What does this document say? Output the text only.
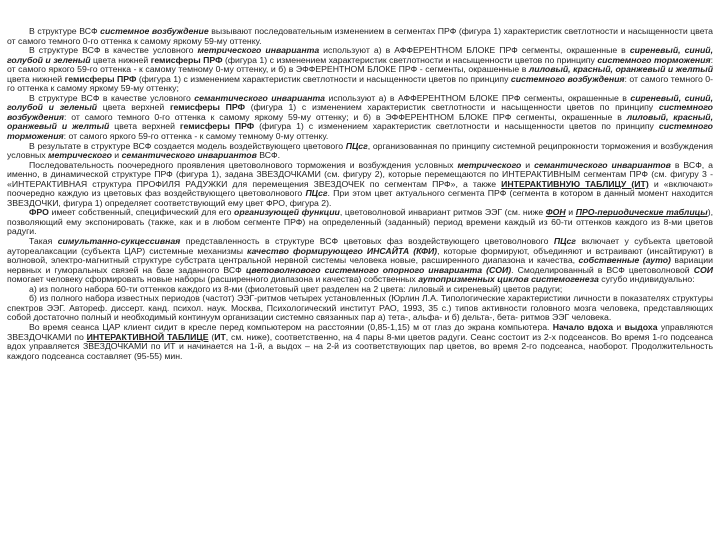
В структуре ВСФ системное возбуждение вызывают последовательным изменением в сегментах ПРФ (фигура 1) характеристик светлотности и насыщенности цвета от самого темного 0-го оттенка к самому яркому 59-му оттенку.

В структуре ВСФ в качестве условного метрического инварианта используют а) в АФФЕРЕНТНОМ БЛОКЕ ПРФ сегменты, окрашенные в сиреневый, синий, голубой и зеленый цвета нижней гемисферы ПРФ (фигура 1) с изменением характеристик светлотности и насыщенности цветов по принципу системного торможения: от самого яркого 59-го оттенка - к самому темному 0-му оттенку, и б) в ЭФФЕРЕНТНОМ БЛОКЕ ПРФ - сегменты, окрашенные в лиловый, красный, оранжевый и желтый цвета нижней гемисферы ПРФ (фигура 1) с изменением характеристик светлотности и насыщенности цветов по принципу системного возбуждения: от самого темного 0-го оттенка к самому яркому 59-му оттенку;

В структуре ВСФ в качестве условного семантического инварианта используют а) в АФФЕРЕНТНОМ БЛОКЕ ПРФ сегменты, окрашенные в сиреневый, синий, голубой и зеленый цвета верхней гемисферы ПРФ (фигура 1) с изменением характеристик светлотности и насыщенности цветов по принципу системного возбуждения: от самого темного 0-го оттенка к самому яркому 59-му оттенку; и б) в ЭФФЕРЕНТНОМ БЛОКЕ ПРФ сегменты, окрашенные в лиловый, красный, оранжевый и желтый цвета верхней гемисферы ПРФ (фигура 1) с изменением характеристик светлотности и насыщенности цветов по принципу системного торможения: от самого яркого 59-го оттенка - к самому темному 0-му оттенку.

В результате в структуре ВСФ создается модель воздействующего цветового ПЦсг, организованная по принципу системной реципрокности торможения и возбуждения условных метрического и семантического инвариантов ВСФ.

Последовательность поочередного проявления цветоволнового торможения и возбуждения условных метрического и семантического инвариантов в ВСФ, а именно, в динамической структуре ПРФ (фигура 1), задана ЗВЕЗДОЧКАМИ (см. фигуру 2), которые перемещаются по ИНТЕРАКТИВНЫМ сегментам ПРФ (см. фигуру 3 - «ИНТЕРАКТИВНАЯ структура ПРОФИЛЯ РАДУЖКИ для перемещения ЗВЕЗДОЧЕК по сегментам ПРФ», а также ИНТЕРАКТИВНУЮ ТАБЛИЦУ (ИТ) и «включают» поочередно каждую из цветовых фаз воздействующего цветоволнового ПЦсг. При этом цвет актуального сегмента ПРФ (сегмента в котором в данный момент находится ЗВЕЗДОЧКИ, фигура 1) определяет соответствующий ему цвет ФРО, фигура 2).

ФРО имеет собственный, специфический для его организующей функции, цветоволновой инвариант ритмов ЭЭГ (см. ниже ФОН и ПРО-периодические таблицы), позволяющий ему экспонировать (также, как и в любом сегменте ПРФ) на определенный (заданный) период времени каждый из 60-ти оттенков каждого из 8-ми цветов радуги.

Такая симультанно-сукцессивная представленность в структуре ВСФ цветовых фаз воздействующего цветоволнового ПЦсг включает у субъекта цветовой аутореалаксации (субъекта ЦАР) системные механизмы качество формирующего ИНСАЙТА (КФИ), которые формируют, объединяют и встраивают (инсайтируют) в волновой, электро-магнитный структуре субстрата центральной нервной системы человека новые, расширенного диапазона и качества, собственные (ауто) вариации нервных и гуморальных связей на базе заданного ВСФ цветоволнового системного опорного инварианта (СОИ). Смоделированный в ВСФ цветоволновой СОИ помогает человеку сформировать новые наборы (расширенного диапазона и качества) собственных аутопризменных циклов системогенеза сугубо индивидуально:

а) из полного набора 60-ти оттенков каждого из 8-ми (фиолетовый цвет разделен на 2 цвета: лиловый и сиреневый) цветов радуги;

б) из полного набора известных периодов (частот) ЭЭГ-ритмов четырех установленных (Юрлин Л.А. Типологические характеристики личности в показателях структуры спектров ЭЭГ. Автореф. диссерт. канд. психол. наук. Москва, Психологический институт РАО, 1993, 35 с.) типов активности головного мозга человека, представляющих собой достаточно полный и необходимый континуум организации системно связанных пар а) тета-, альфа- и б) дельта-, бета- ритмов ЭЭГ человека.

Во время сеанса ЦАР клиент сидит в кресле перед компьютером на расстоянии (0,85-1,15) м от глаз до экрана компьютера. Начало вдоха и выдоха управляются ЗВЕЗДОЧКАМИ по ИНТЕРАКТИВНОЙ ТАБЛИЦЕ (ИТ, см. ниже), соответственно, на 4 пары 8-ми цветов радуги. Сеанс состоит из 2-х подсеансов. Во время 1-го подсеанса вдох управляется ЗВЕЗДОЧКАМИ по ИТ и начинается на 1-й, а выдох – на 2-й из соответствующих пар цветов, во время 2-го подсеанса, наоборот. Продолжительность каждого подсеанса составляет (95-55) мин.
